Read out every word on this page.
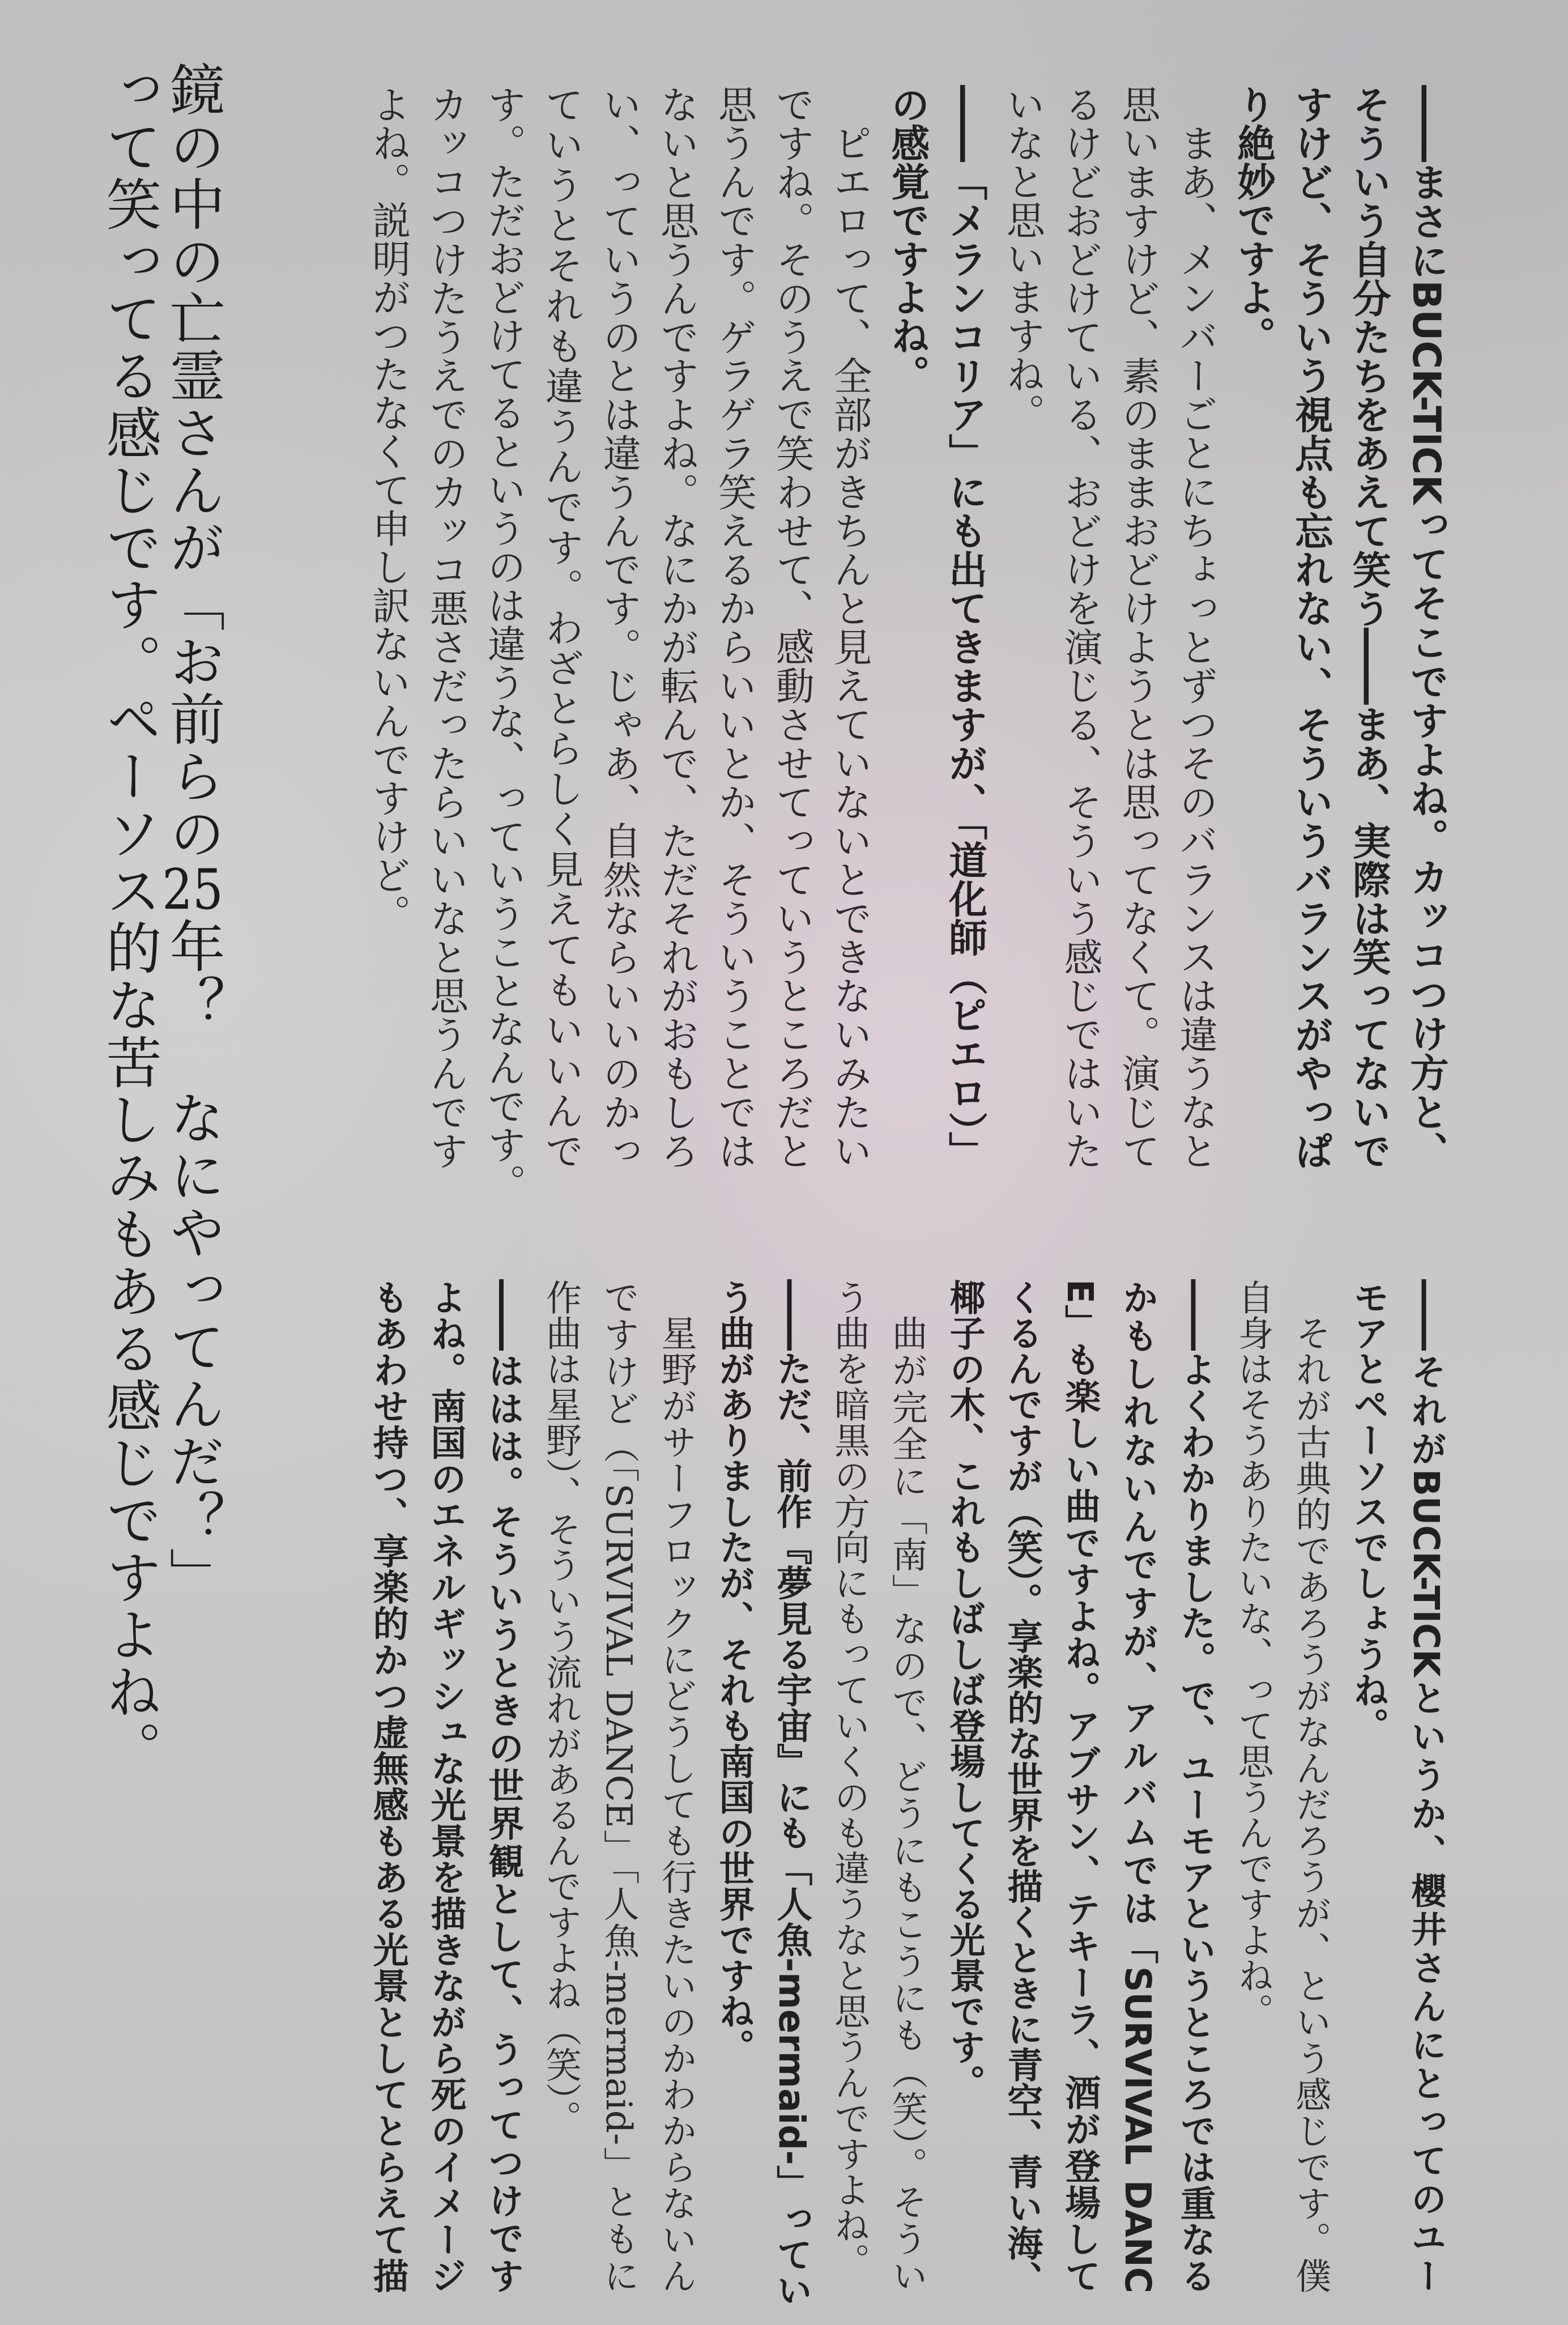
鏡の中の亡霊さんが「お前らの25年？　なにやってんだ？」
って笑ってる感じです。ペーソス的な苦しみもある感じですよね。	――まさにBUCK-TICKってそこですよね。カッコつけ方と、
そういう自分たちをあえて笑う――まあ、実際は笑ってないで
すけど、そういう視点も忘れない、そういうバランスがやっぱ
り絶妙ですよ。
まあ、メンバーごとにちょっとずつそのバランスは違うなと
思いますけど、素のままおどけようとは思ってなくて。演じて
るけどおどけている、おどけを演じる、そういう感じではいた
いなと思いますね。
――「メランコリア」にも出てきますが、「道化師（ピエロ）」
の感覚ですよね。
ピエロって、全部がきちんと見えていないとできないみたい
ですね。そのうえで笑わせて、感動させてっていうところだと
思うんです。ゲラゲラ笑えるからいいとか、そういうことでは
ないと思うんですよね。なにかが転んで、ただそれがおもしろ
い、っていうのとは違うんです。じゃあ、自然ならいいのかっ
ていうとそれも違うんです。わざとらしく見えてもいいんで
す。ただおどけてるというのは違うな、っていうことなんです。
カッコつけたうえでのカッコ悪さだったらいいなと思うんです
よね。説明がつたなくて申し訳ないんですけど。
――それがBUCK-TICKというか、櫻井さんにとってのユー
モアとペーソスでしょうね。
それが古典的であろうがなんだろうが、という感じです。僕
自身はそうありたいな、って思うんですよね。
――よくわかりました。で、ユーモアというところでは重なる
かもしれないんですが、アルバムでは「SURVIVAL DANC
E」も楽しい曲ですよね。アブサン、テキーラ、酒が登場して
くるんですが（笑）。享楽的な世界を描くときに青空、青い海、
椰子の木、これもしばしば登場してくる光景です。
曲が完全に「南」なので、どうにもこうにも（笑）。そうい
う曲を暗黒の方向にもっていくのも違うなと思うんですよね。
――ただ、前作『夢見る宇宙』にも「人魚-mermaid-」ってい
う曲がありましたが、それも南国の世界ですね。
星野がサーフロックにどうしても行きたいのかわからないん
ですけど（「SURVIVAL DANCE」「人魚-mermaid-」ともに
作曲は星野）、そういう流れがあるんですよね（笑）。
――ははは。そういうときの世界観として、うってつけです
よね。南国のエネルギッシュな光景を描きながら死のイメージ
もあわせ持つ、享楽的かつ虚無感もある光景としてとらえて描
